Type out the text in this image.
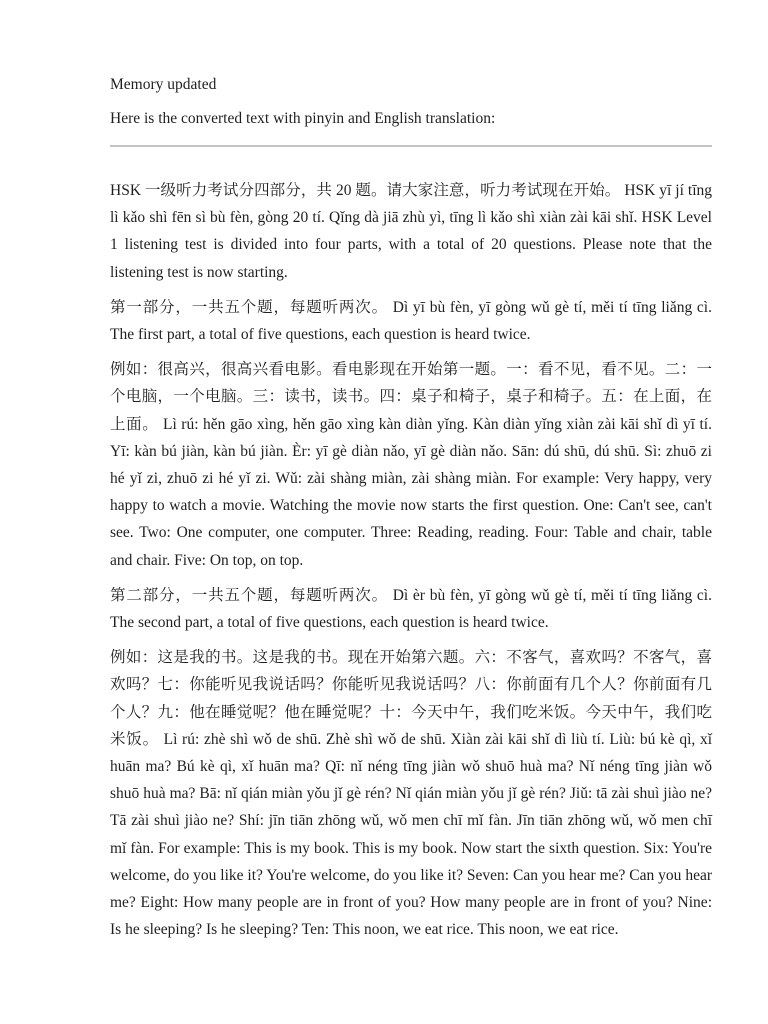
Memory updated

Here is the converted text with pinyin and English translation:

HSK 一级听力考试分四部分，共 20 题。请大家注意，听力考试现在开始。 HSK yī jí tīng lì kǎo shì fēn sì bù fèn, gòng 20 tí. Qǐng dà jiā zhù yì, tīng lì kǎo shì xiàn zài kāi shǐ. HSK Level 1 listening test is divided into four parts, with a total of 20 questions. Please note that the listening test is now starting.

第一部分，一共五个题，每题听两次。 Dì yī bù fèn, yī gòng wǔ gè tí, měi tí tīng liǎng cì. The first part, a total of five questions, each question is heard twice.

例如：很高兴，很高兴看电影。看电影现在开始第一题。一：看不见，看不见。二：一个电脑，一个电脑。三：读书，读书。四：桌子和椅子，桌子和椅子。五：在上面，在上面。 Lì rú: hěn gāo xìng, hěn gāo xìng kàn diàn yǐng. Kàn diàn yǐng xiàn zài kāi shǐ dì yī tí. Yī: kàn bú jiàn, kàn bú jiàn. Èr: yī gè diàn nǎo, yī gè diàn nǎo. Sān: dú shū, dú shū. Sì: zhuō zi hé yǐ zi, zhuō zi hé yǐ zi. Wǔ: zài shàng miàn, zài shàng miàn. For example: Very happy, very happy to watch a movie. Watching the movie now starts the first question. One: Can't see, can't see. Two: One computer, one computer. Three: Reading, reading. Four: Table and chair, table and chair. Five: On top, on top.

第二部分，一共五个题，每题听两次。 Dì èr bù fèn, yī gòng wǔ gè tí, měi tí tīng liǎng cì. The second part, a total of five questions, each question is heard twice.

例如：这是我的书。这是我的书。现在开始第六题。六：不客气，喜欢吗？不客气，喜欢吗？七：你能听见我说话吗？你能听见我说话吗？八：你前面有几个人？你前面有几个人？九：他在睡觉呢？他在睡觉呢？十：今天中午，我们吃米饭。今天中午，我们吃米饭。 Lì rú: zhè shì wǒ de shū. Zhè shì wǒ de shū. Xiàn zài kāi shǐ dì liù tí. Liù: bú kè qì, xǐ huān ma? Bú kè qì, xǐ huān ma? Qī: nǐ néng tīng jiàn wǒ shuō huà ma? Nǐ néng tīng jiàn wǒ shuō huà ma? Bā: nǐ qián miàn yǒu jǐ gè rén? Nǐ qián miàn yǒu jǐ gè rén? Jiǔ: tā zài shuì jiào ne? Tā zài shuì jiào ne? Shí: jīn tiān zhōng wǔ, wǒ men chī mǐ fàn. Jīn tiān zhōng wǔ, wǒ men chī mǐ fàn. For example: This is my book. This is my book. Now start the sixth question. Six: You're welcome, do you like it? You're welcome, do you like it? Seven: Can you hear me? Can you hear me? Eight: How many people are in front of you? How many people are in front of you? Nine: Is he sleeping? Is he sleeping? Ten: This noon, we eat rice. This noon, we eat rice.
